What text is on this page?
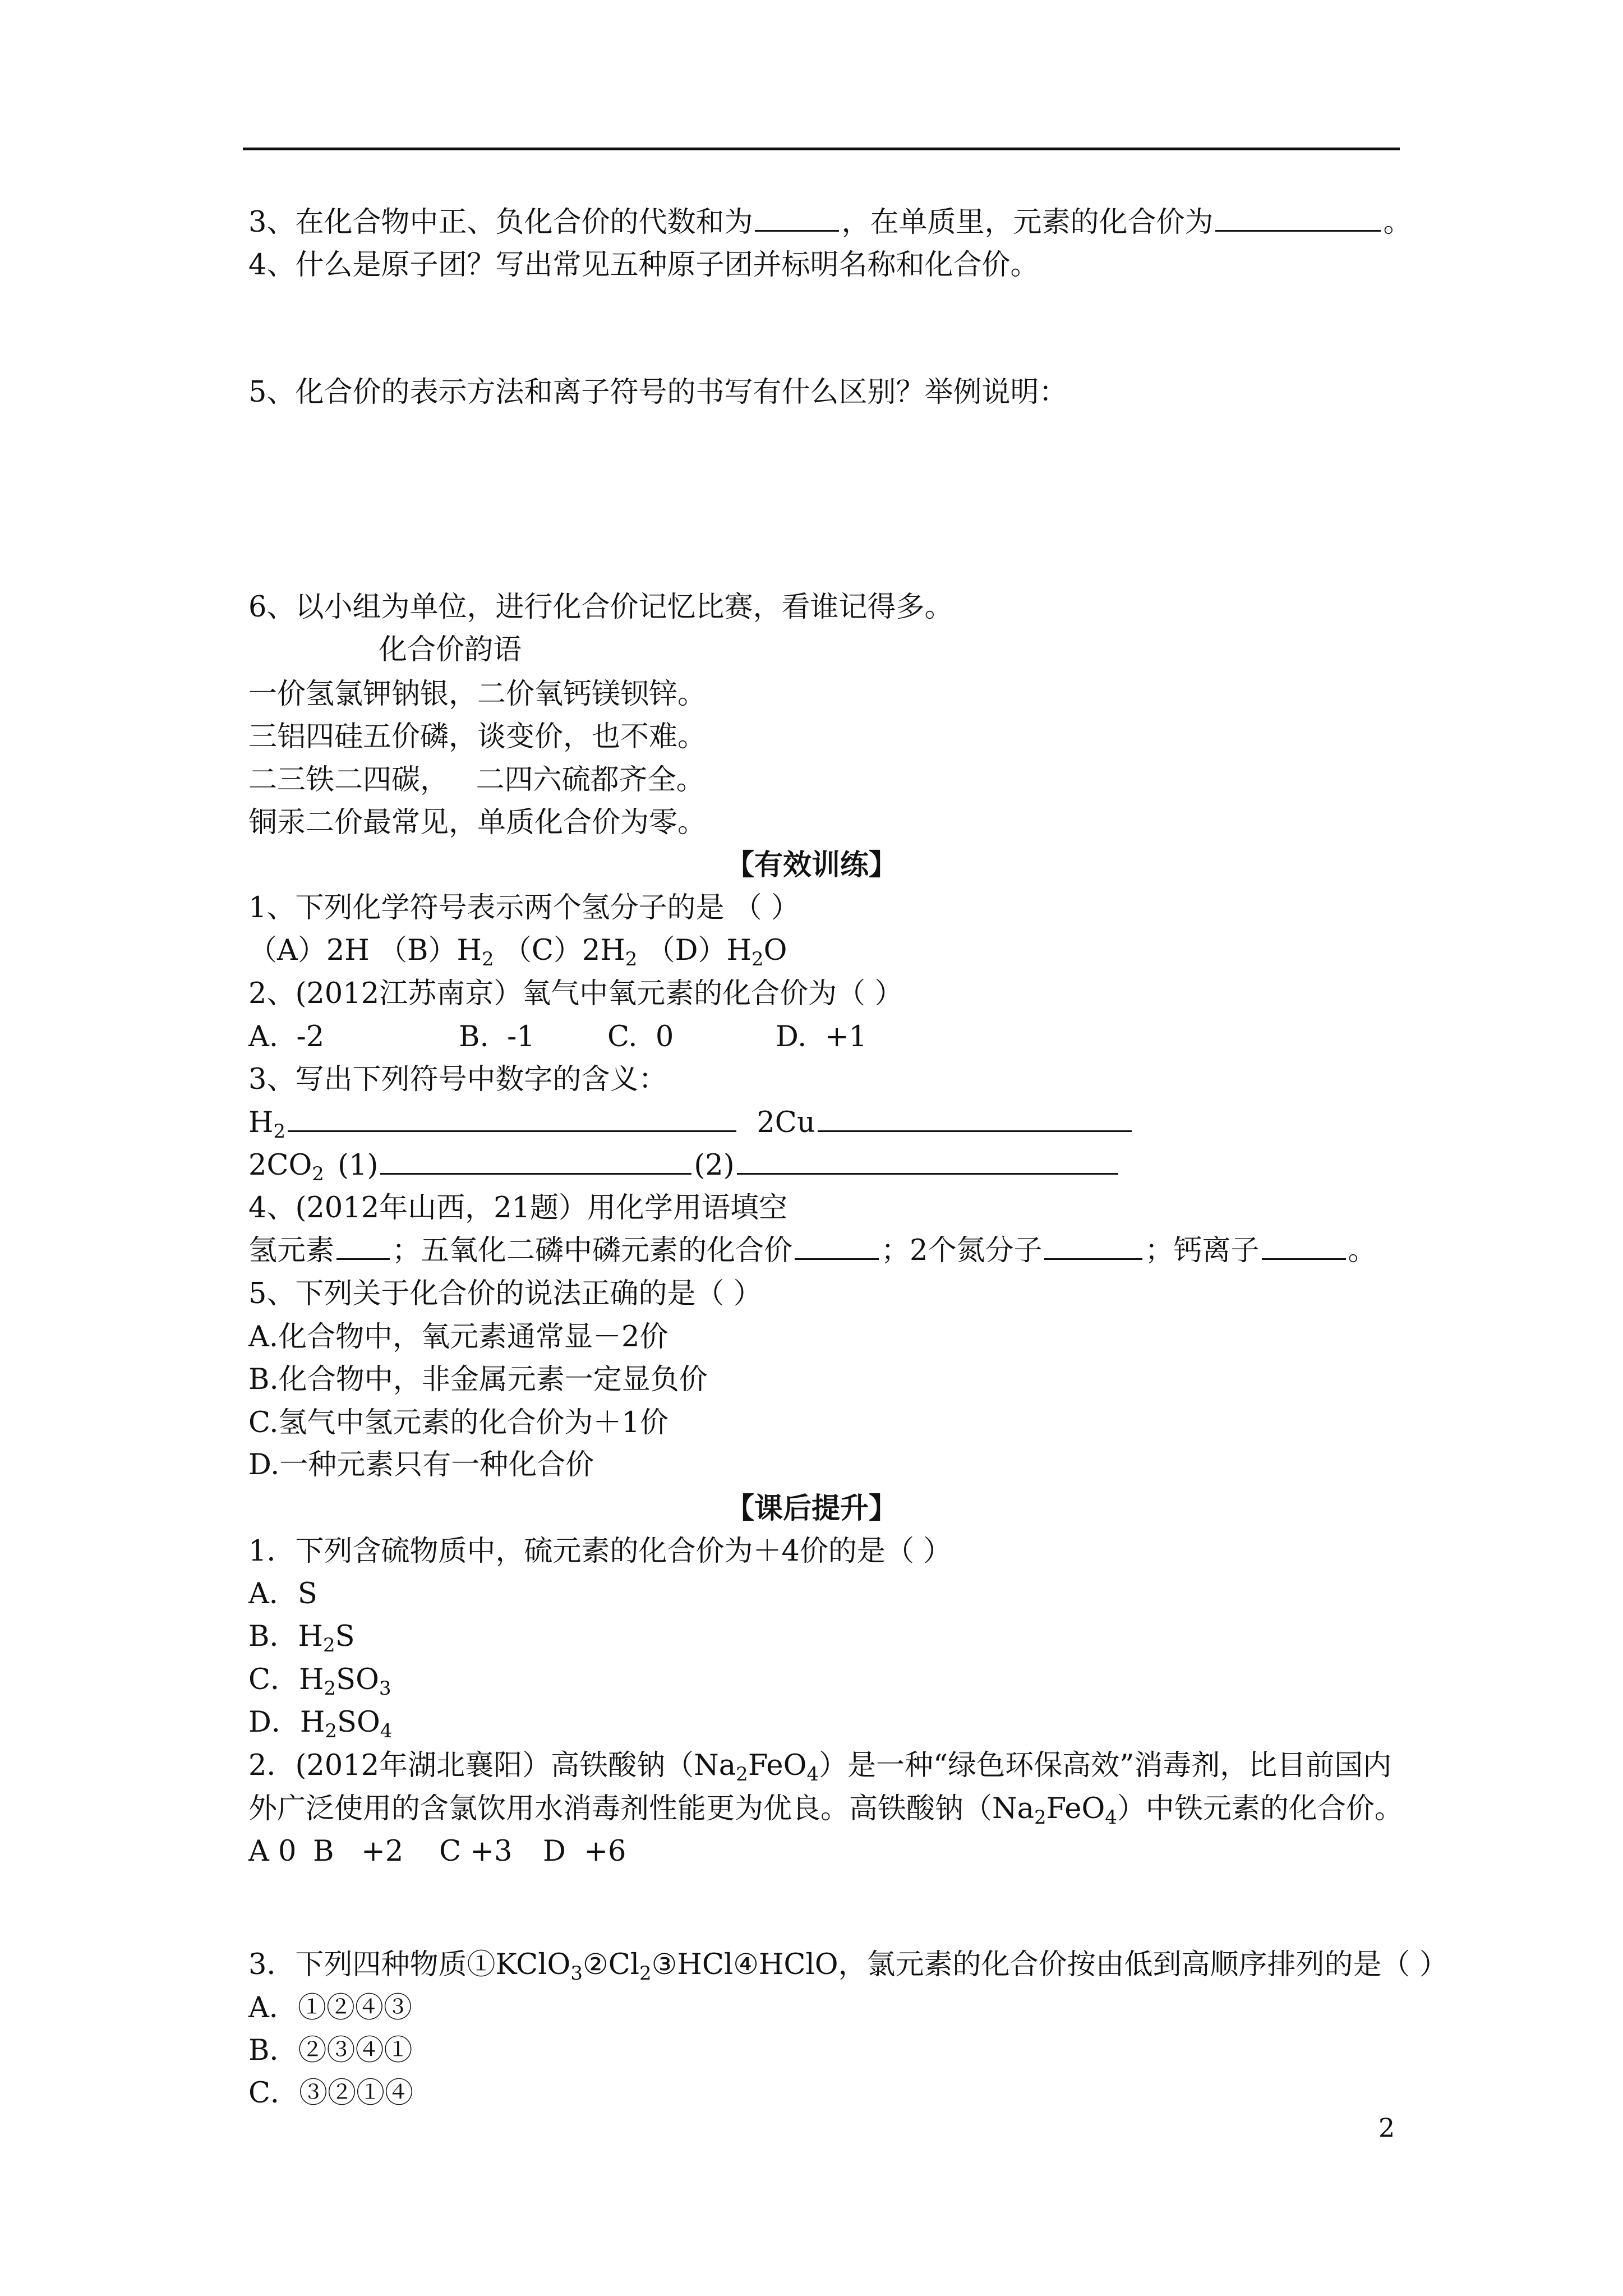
3、在化合物中正、负化合价的代数和为	，在单质里，元素的化合价为	。
4、什么是原子团？写出常见五种原子团并标明名称和化合价。
5、化合价的表示方法和离子符号的书写有什么区别？举例说明：
6、以小组为单位，进行化合价记忆比赛，看谁记得多。
化合价韵语
一价氢氯钾钠银，二价氧钙镁钡锌。
三铝四硅五价磷，谈变价，也不难。
二三铁二四碳，   二四六硫都齐全。
铜汞二价最常见，单质化合价为零。
【有效训练】
1、下列化学符号表示两个氢分子的是 （ ）
（A）2H $(B)H_2$ $(C)2H_2$ $(D)H_2O$
2、(2012江苏南京）氧气中氧元素的化合价为（ ）
A.  -2	B.  -1	C.  0	D.  +1
3、写出下列符号中数字的含义：
$H_2$	2Cu
$2CO_2$ (1)	(2)
4、(2012年山西，21题）用化学用语填空
氢元素 ；五氧化二磷中磷元素的化合价	；2个氮分子	；钙离子	。
5、下列关于化合价的说法正确的是（ ）
A.化合物中，氧元素通常显－2价
B.化合物中，非金属元素一定显负价
C.氢气中氢元素的化合价为＋1价
D.一种元素只有一种化合价
【课后提升】
1．下列含硫物质中，硫元素的化合价为＋4价的是（ ）
A．S
B．$H_2S$
C．$H_2SO_3$
D．$H_2SO_4$
2．(2012年湖北襄阳）高铁酸钠$(Na_2FeO_4)$是一种“绿色环保高效”消毒剂，比目前国内
外广泛使用的含氯饮用水消毒剂性能更为优良。高铁酸钠$(Na_2FeO_4)$中铁元素的化合价。
A 0 B   +2 C +3 D  +6
3．下列四种物质$①KClO_3②Cl_2③HCl④HClO$，氯元素的化合价按由低到高顺序排列的是（ ）
A．①②④③
B．②③④①
C．③②①④
2
